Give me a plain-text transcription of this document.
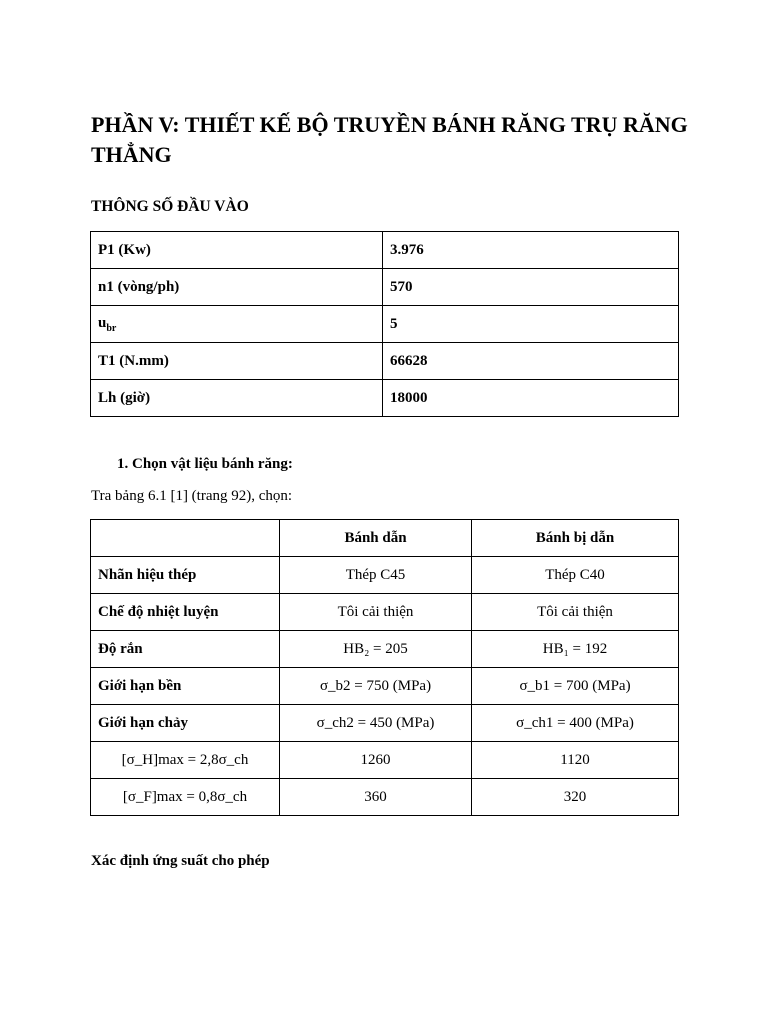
PHẦN V: THIẾT KẾ BỘ TRUYỀN BÁNH RĂNG TRỤ RĂNG THẲNG

THÔNG SỐ ĐẦU VÀO

P1 (Kw)	3.976
n1 (vòng/ph)	570
$u_{br}$	5
T1 (N.mm)	66628
Lh (giờ)	18000

1. Chọn vật liệu bánh răng:

Tra bảng 6.1 [1] (trang 92), chọn:

	Bánh dẫn	Bánh bị dẫn
Nhãn hiệu thép	Thép C45	Thép C40
Chế độ nhiệt luyện	Tôi cải thiện	Tôi cải thiện
Độ rắn	HB₂ = 205	HB₁ = 192
Giới hạn bền	σ_b2 = 750 (MPa)	σ_b1 = 700 (MPa)
Giới hạn chảy	σ_ch2 = 450 (MPa)	σ_ch1 = 400 (MPa)
[σ_H]max = 2,8σ_ch	1260	1120
[σ_F]max = 0,8σ_ch	360	320

Xác định ứng suất cho phép
